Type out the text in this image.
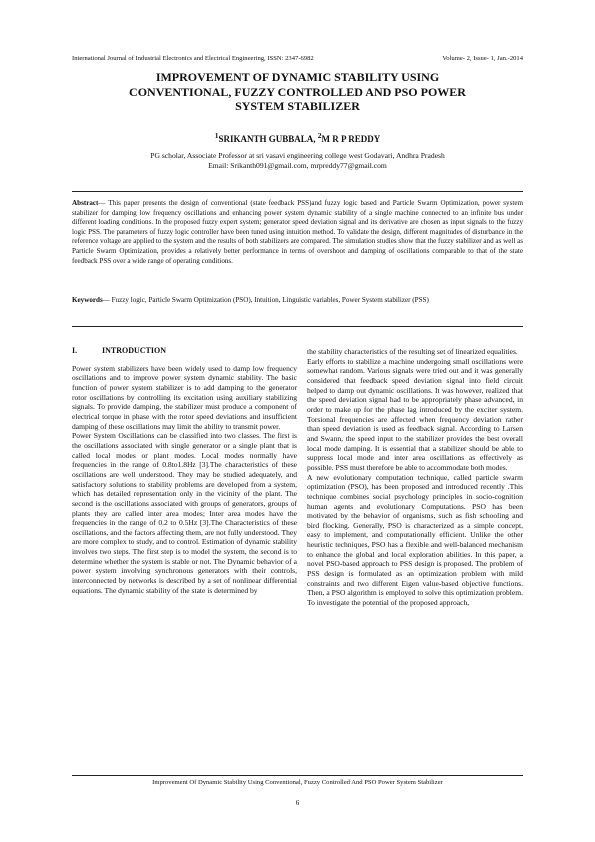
International Journal of Industrial Electronics and Electrical Engineering, ISSN: 2347-6982	Volume- 2, Issue- 1, Jan.-2014
IMPROVEMENT OF DYNAMIC STABILITY USING
CONVENTIONAL, FUZZY CONTROLLED AND PSO POWER
SYSTEM STABILIZER
$^1$SRIKANTH GUBBALA, $^2$M R P REDDY
PG scholar, Associate Professor at sri vasavi engineering college west Godavari, Andhra Pradesh
Email: Srikanth091@gmail.com, mrpreddy77@gmail.com
Abstract— This paper presents the design of conventional (state feedback PSS)and fuzzy logic based and Particle Swarm Optimization, power system stabilizer for damping low frequency oscillations and enhancing power system dynamic stability of a single machine connected to an infinite bus under different loading conditions. In the proposed fuzzy expert system; generator speed deviation signal and its derivative are chosen as input signals to the fuzzy logic PSS. The parameters of fuzzy logic controller have been tuned using intuition method. To validate the design, different magnitudes of disturbance in the reference voltage are applied to the system and the results of both stabilizers are compared. The simulation studies show that the fuzzy stabilizer and as well as Particle Swarm Optimization, provides a relatively better performance in terms of overshoot and damping of oscillations comparable to that of the state feedback PSS over a wide range of operating conditions.
Keywords— Fuzzy logic, Particle Swarm Optimization (PSO), Intuition, Linguistic variables, Power System stabilizer (PSS)

I.	INTRODUCTION

Power system stabilizers have been widely used to damp low frequency oscillations and to improve power system dynamic stability. The basic function of power system stabilizer is to add damping to the generator rotor oscillations by controlling its excitation using auxiliary stabilizing signals. To provide damping, the stabilizer must produce a component of electrical torque in phase with the rotor speed deviations and insufficient damping of these oscillations may limit the ability to transmit power.

Power System Oscillations can be classified into two classes. The first is the oscillations associated with single generator or a single plant that is called local modes or plant modes. Local modes normally have frequencies in the range of 0.8to1.8Hz [3].The characteristics of these oscillations are well understood. They may be studied adequately, and satisfactory solutions to stability problems are developed from a system, which has detailed representation only in the vicinity of the plant. The second is the oscillations associated with groups of generators, groups of plants they are called inter area modes; Inter area modes have the frequencies in the range of 0.2 to 0.5Hz [3].The Characteristics of these oscillations, and the factors affecting them, are not fully understood. They are more complex to study, and to control. Estimation of dynamic stability involves two steps. The first step is to model the system, the second is to determine whether the system is stable or not. The Dynamic behavior of a power system involving synchronous generators with their controls, interconnected by networks is described by a set of nonlinear differential equations. The dynamic stability of the state is determined by

the stability characteristics of the resulting set of linearized equalities.

Early efforts to stabilize a machine undergoing small oscillations were somewhat random. Various signals were tried out and it was generally considered that feedback speed deviation signal into field circuit helped to damp out dynamic oscillations. It was however, realized that the speed deviation signal had to be appropriately phase advanced, in order to make up for the phase lag introduced by the exciter system. Torsional frequencies are affected when frequency deviation rather than speed deviation is used as feedback signal. According to Larsen and Swann, the speed input to the stabilizer provides the best overall local mode damping. It is essential that a stabilizer should be able to suppress local mode and inter area oscillations as effectively as possible. PSS must therefore be able to accommodate both modes.

A new evolutionary computation technique, called particle swarm optimization (PSO), has been proposed and introduced recently .This technique combines social psychology principles in socio-cognition human agents and evolutionary Computations. PSO has been motivated by the behavior of organisms, such as fish schooling and bird flocking. Generally, PSO is characterized as a simple concept, easy to implement, and computationally efficient. Unlike the other heuristic techniques, PSO has a flexible and well-balanced mechanism to enhance the global and local exploration abilities. In this paper, a novel PSO-based approach to PSS design is proposed. The problem of PSS design is formulated as an optimization problem with mild constraints and two different Eigen value-based objective functions. Then, a PSO algorithm is employed to solve this optimization problem. To investigate the potential of the proposed approach,

Improvement Of Dynamic Stability Using Conventional, Fuzzy Controlled And PSO Power System Stabilizer
6
